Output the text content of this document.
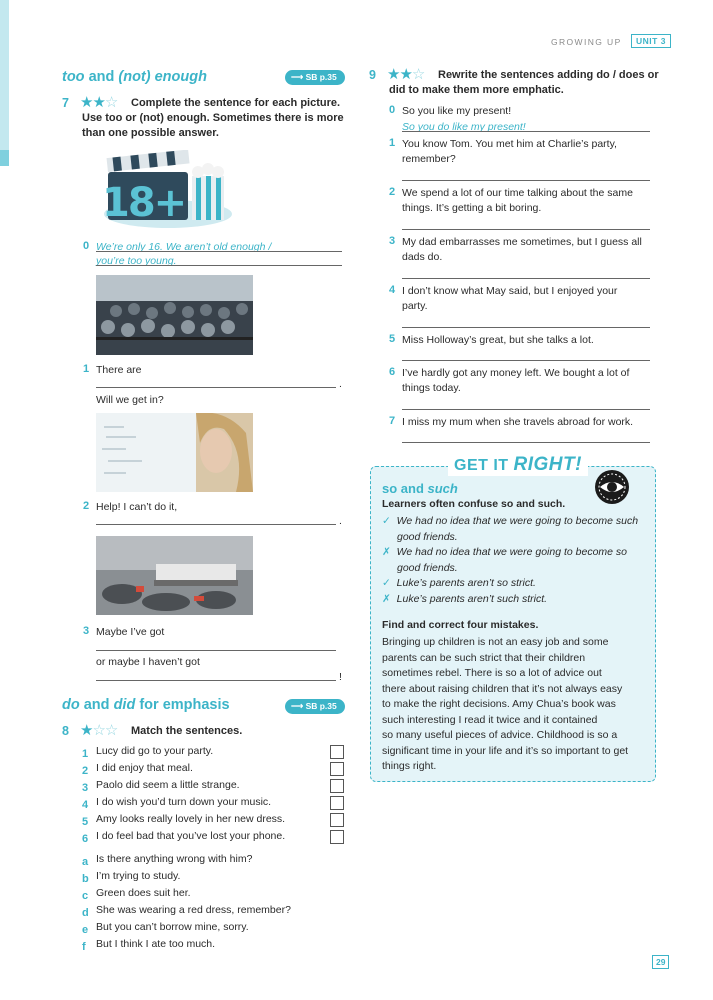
GROWING UP	UNIT 3
too and (not) enough	⟶ SB p.35
7 ★★☆	Complete the sentence for each picture. Use too or (not) enough. Sometimes there is more than one possible answer.
18+
0 We’re only 16. We aren’t old enough /
you’re too young.
1 There are
.
Will we get in?
2 Help! I can’t do it,
.
3 Maybe I’ve got
or maybe I haven’t got
!
do and did for emphasis	⟶ SB p.35
8 ★☆☆ Match the sentences.
1 Lucy did go to your party.
2 I did enjoy that meal.
3 Paolo did seem a little strange.
4 I do wish you’d turn down your music.
5 Amy looks really lovely in her new dress.
6 I do feel bad that you’ve lost your phone.
a Is there anything wrong with him?
b I’m trying to study.
c Green does suit her.
d She was wearing a red dress, remember?
e But you can’t borrow mine, sorry.
f But I think I ate too much.
9 ★★☆ Rewrite the sentences adding do / does or
did to make them more emphatic.
0 So you like my present!
So you do like my present!
1 You know Tom. You met him at Charlie’s party,
remember?
2 We spend a lot of our time talking about the same
things. It’s getting a bit boring.
3 My dad embarrasses me sometimes, but I guess all
dads do.
4 I don’t know what May said, but I enjoyed your
party.
5 Miss Holloway’s great, but she talks a lot.
6 I’ve hardly got any money left. We bought a lot of
things today.
7 I miss my mum when she travels abroad for work.
GET IT RIGHT!
so and such
Learners often confuse so and such.
✓ We had no idea that we were going to become such
good friends.
✗ We had no idea that we were going to become so
good friends.
✓ Luke’s parents aren’t so strict.
✗ Luke’s parents aren’t such strict.
Find and correct four mistakes.
Bringing up children is not an easy job and some
parents can be such strict that their children
sometimes rebel. There is so a lot of advice out
there about raising children that it’s not always easy
to make the right decisions. Amy Chua’s book was
such interesting I read it twice and it contained
so many useful pieces of advice. Childhood is so a
significant time in your life and it’s so important to get
things right.
29
